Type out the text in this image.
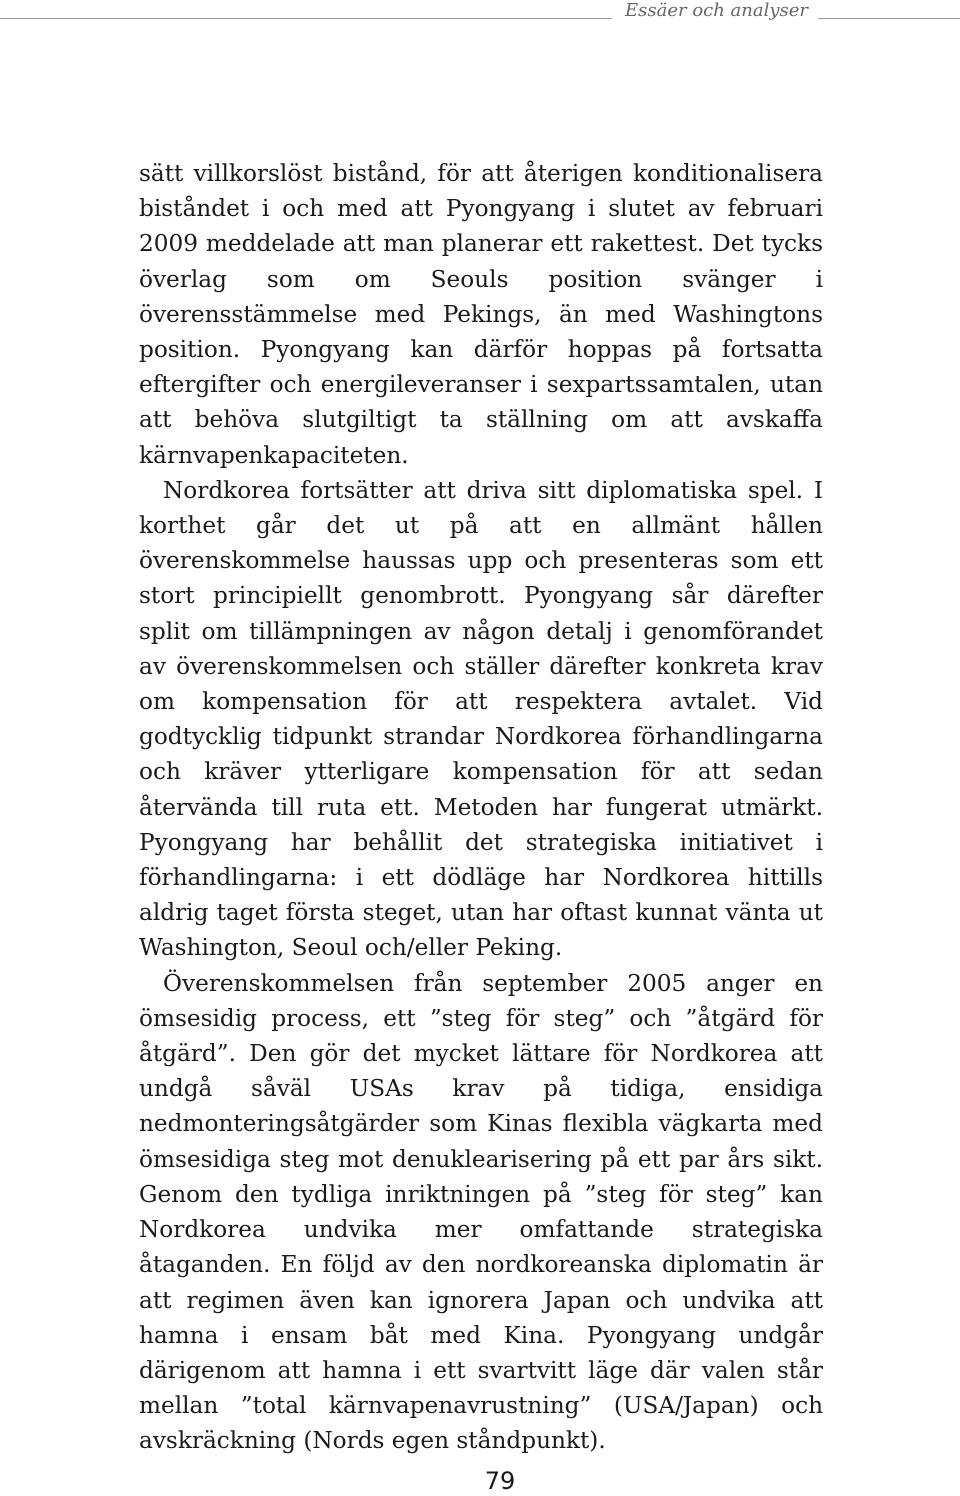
Essäer och analyser

sätt villkorslöst bistånd, för att återigen konditionalisera biståndet i och med att Pyongyang i slutet av februari 2009 meddelade att man planerar ett rakettest. Det tycks överlag som om Seouls position svänger i överensstämmelse med Pekings, än med Washingtons position. Pyongyang kan därför hoppas på fortsatta eftergifter och energileveranser i sexpartssamtalen, utan att behöva slutgiltigt ta ställning om att avskaffa kärnvapenkapaciteten.

Nordkorea fortsätter att driva sitt diplomatiska spel. I korthet går det ut på att en allmänt hållen överenskommelse haussas upp och presenteras som ett stort principiellt genombrott. Pyongyang sår därefter split om tillämpningen av någon detalj i genomförandet av överenskommelsen och ställer därefter konkreta krav om kompensation för att respektera avtalet. Vid godtycklig tidpunkt strandar Nordkorea förhandlingarna och kräver ytterligare kompensation för att sedan återvända till ruta ett. Metoden har fungerat utmärkt. Pyongyang har behållit det strategiska initiativet i förhandlingarna: i ett dödläge har Nordkorea hittills aldrig taget första steget, utan har oftast kunnat vänta ut Washington, Seoul och/eller Peking.

Överenskommelsen från september 2005 anger en ömsesidig process, ett ”steg för steg” och ”åtgärd för åtgärd”. Den gör det mycket lättare för Nordkorea att undgå såväl USAs krav på tidiga, ensidiga nedmonteringsåtgärder som Kinas flexibla vägkarta med ömsesidiga steg mot denuklearisering på ett par års sikt. Genom den tydliga inriktningen på ”steg för steg” kan Nordkorea undvika mer omfattande strategiska åtaganden. En följd av den nordkoreanska diplomatin är att regimen även kan ignorera Japan och undvika att hamna i ensam båt med Kina. Pyongyang undgår därigenom att hamna i ett svartvitt läge där valen står mellan ”total kärnvapenavrustning” (USA/Japan) och avskräckning (Nords egen ståndpunkt).

79
